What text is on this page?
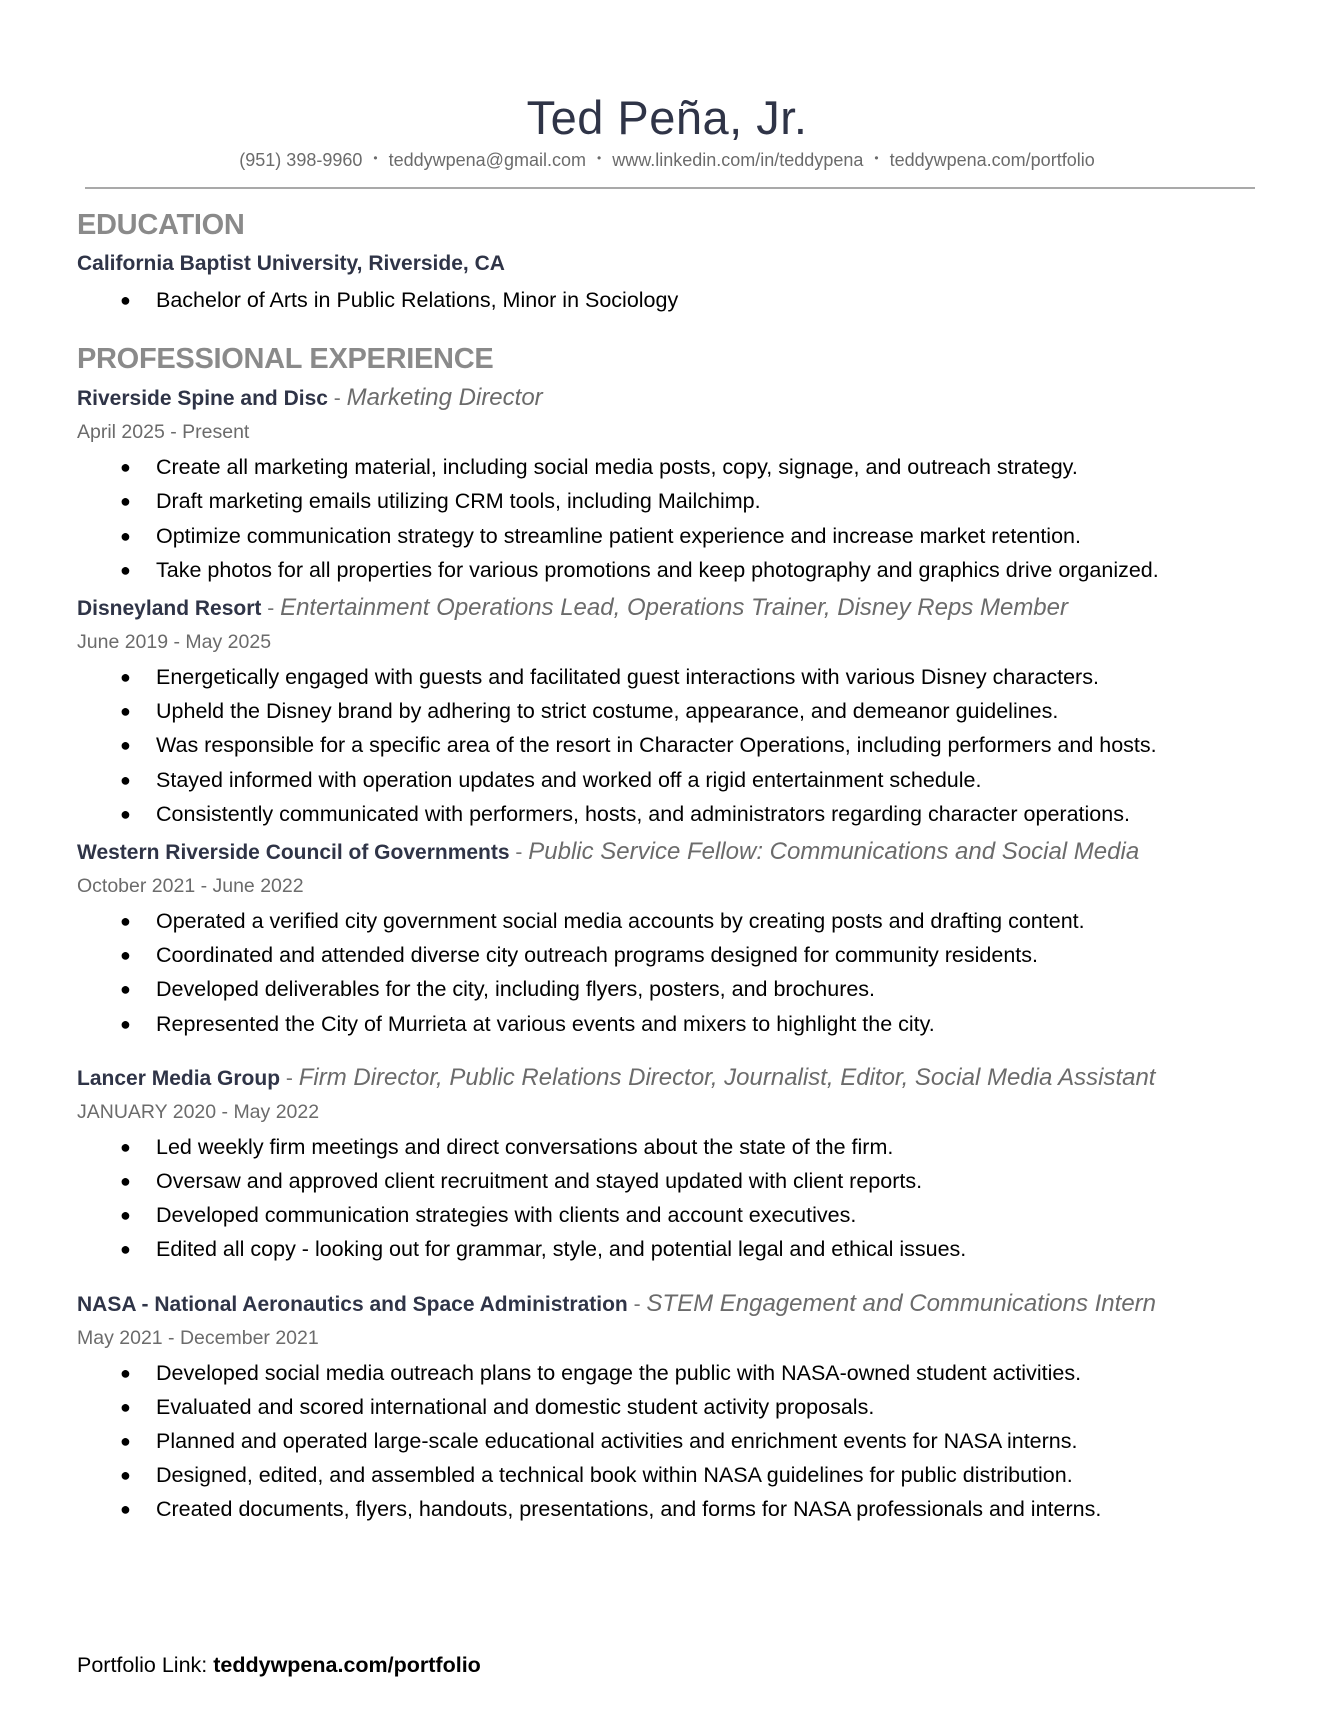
Ted Peña, Jr.
(951) 398-9960 • teddywpena@gmail.com • www.linkedin.com/in/teddypena • teddywpena.com/portfolio
EDUCATION
California Baptist University, Riverside, CA
● Bachelor of Arts in Public Relations, Minor in Sociology
PROFESSIONAL EXPERIENCE
Riverside Spine and Disc - Marketing Director
April 2025 - Present
● Create all marketing material, including social media posts, copy, signage, and outreach strategy.
● Draft marketing emails utilizing CRM tools, including Mailchimp.
● Optimize communication strategy to streamline patient experience and increase market retention.
● Take photos for all properties for various promotions and keep photography and graphics drive organized.
Disneyland Resort - Entertainment Operations Lead, Operations Trainer, Disney Reps Member
June 2019 - May 2025
● Energetically engaged with guests and facilitated guest interactions with various Disney characters.
● Upheld the Disney brand by adhering to strict costume, appearance, and demeanor guidelines.
● Was responsible for a specific area of the resort in Character Operations, including performers and hosts.
● Stayed informed with operation updates and worked off a rigid entertainment schedule.
● Consistently communicated with performers, hosts, and administrators regarding character operations.
Western Riverside Council of Governments - Public Service Fellow: Communications and Social Media
October 2021 - June 2022
● Operated a verified city government social media accounts by creating posts and drafting content.
● Coordinated and attended diverse city outreach programs designed for community residents.
● Developed deliverables for the city, including flyers, posters, and brochures.
● Represented the City of Murrieta at various events and mixers to highlight the city.
Lancer Media Group - Firm Director, Public Relations Director, Journalist, Editor, Social Media Assistant
JANUARY 2020 - May 2022
● Led weekly firm meetings and direct conversations about the state of the firm.
● Oversaw and approved client recruitment and stayed updated with client reports.
● Developed communication strategies with clients and account executives.
● Edited all copy - looking out for grammar, style, and potential legal and ethical issues.
NASA - National Aeronautics and Space Administration - STEM Engagement and Communications Intern
May 2021 - December 2021
● Developed social media outreach plans to engage the public with NASA-owned student activities.
● Evaluated and scored international and domestic student activity proposals.
● Planned and operated large-scale educational activities and enrichment events for NASA interns.
● Designed, edited, and assembled a technical book within NASA guidelines for public distribution.
● Created documents, flyers, handouts, presentations, and forms for NASA professionals and interns.
Portfolio Link: teddywpena.com/portfolio
